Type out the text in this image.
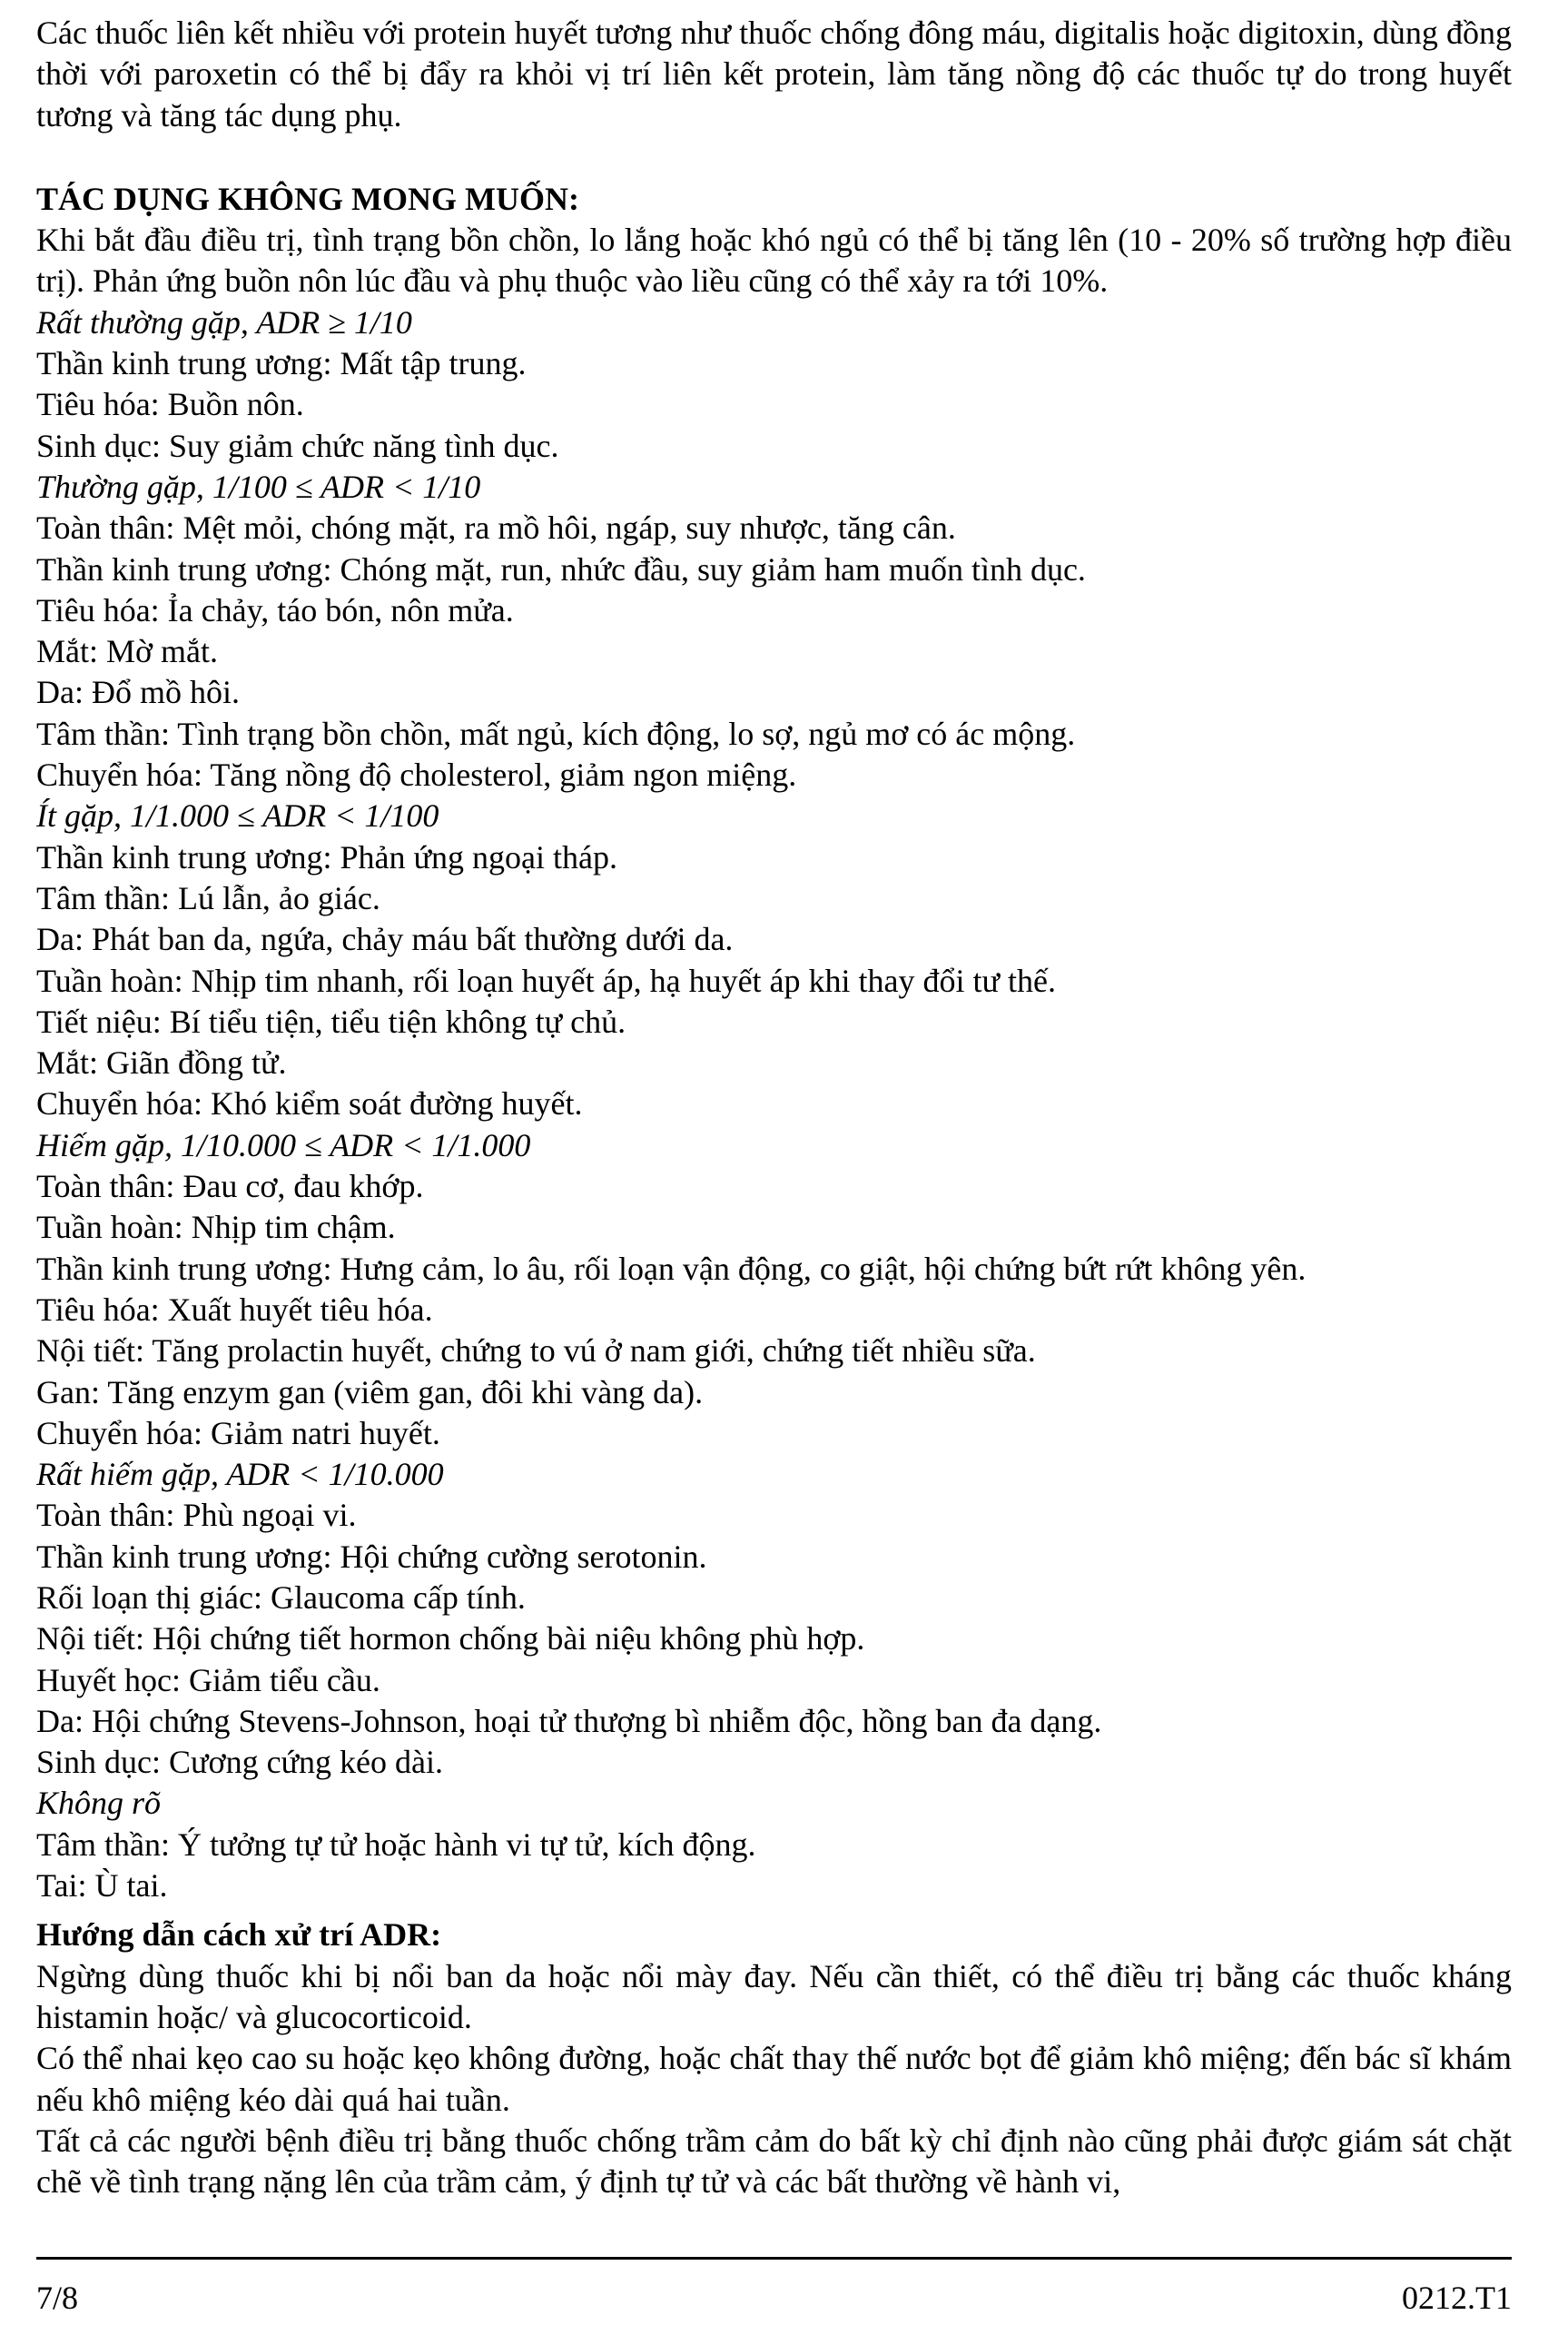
Các thuốc liên kết nhiều với protein huyết tương như thuốc chống đông máu, digitalis hoặc digitoxin, dùng đồng thời với paroxetin có thể bị đẩy ra khỏi vị trí liên kết protein, làm tăng nồng độ các thuốc tự do trong huyết tương và tăng tác dụng phụ.

TÁC DỤNG KHÔNG MONG MUỐN:

Khi bắt đầu điều trị, tình trạng bồn chồn, lo lắng hoặc khó ngủ có thể bị tăng lên (10 - 20% số trường hợp điều trị). Phản ứng buồn nôn lúc đầu và phụ thuộc vào liều cũng có thể xảy ra tới 10%.

Rất thường gặp, ADR ≥ 1/10
Thần kinh trung ương: Mất tập trung.
Tiêu hóa: Buồn nôn.
Sinh dục: Suy giảm chức năng tình dục.
Thường gặp, 1/100 ≤ ADR < 1/10
Toàn thân: Mệt mỏi, chóng mặt, ra mồ hôi, ngáp, suy nhược, tăng cân.
Thần kinh trung ương: Chóng mặt, run, nhức đầu, suy giảm ham muốn tình dục.
Tiêu hóa: Ỉa chảy, táo bón, nôn mửa.
Mắt: Mờ mắt.
Da: Đổ mồ hôi.
Tâm thần: Tình trạng bồn chồn, mất ngủ, kích động, lo sợ, ngủ mơ có ác mộng.
Chuyển hóa: Tăng nồng độ cholesterol, giảm ngon miệng.
Ít gặp, 1/1.000 ≤ ADR < 1/100
Thần kinh trung ương: Phản ứng ngoại tháp.
Tâm thần: Lú lẫn, ảo giác.
Da: Phát ban da, ngứa, chảy máu bất thường dưới da.
Tuần hoàn: Nhịp tim nhanh, rối loạn huyết áp, hạ huyết áp khi thay đổi tư thế.
Tiết niệu: Bí tiểu tiện, tiểu tiện không tự chủ.
Mắt: Giãn đồng tử.
Chuyển hóa: Khó kiểm soát đường huyết.
Hiếm gặp, 1/10.000 ≤ ADR < 1/1.000
Toàn thân: Đau cơ, đau khớp.
Tuần hoàn: Nhịp tim chậm.
Thần kinh trung ương: Hưng cảm, lo âu, rối loạn vận động, co giật, hội chứng bứt rứt không yên.
Tiêu hóa: Xuất huyết tiêu hóa.
Nội tiết: Tăng prolactin huyết, chứng to vú ở nam giới, chứng tiết nhiều sữa.
Gan: Tăng enzym gan (viêm gan, đôi khi vàng da).
Chuyển hóa: Giảm natri huyết.
Rất hiếm gặp, ADR < 1/10.000
Toàn thân: Phù ngoại vi.
Thần kinh trung ương: Hội chứng cường serotonin.
Rối loạn thị giác: Glaucoma cấp tính.
Nội tiết: Hội chứng tiết hormon chống bài niệu không phù hợp.
Huyết học: Giảm tiểu cầu.
Da: Hội chứng Stevens-Johnson, hoại tử thượng bì nhiễm độc, hồng ban đa dạng.
Sinh dục: Cương cứng kéo dài.
Không rõ
Tâm thần: Ý tưởng tự tử hoặc hành vi tự tử, kích động.
Tai: Ù tai.
Hướng dẫn cách xử trí ADR:

Ngừng dùng thuốc khi bị nổi ban da hoặc nổi mày đay. Nếu cần thiết, có thể điều trị bằng các thuốc kháng histamin hoặc/ và glucocorticoid.

Có thể nhai kẹo cao su hoặc kẹo không đường, hoặc chất thay thế nước bọt để giảm khô miệng; đến bác sĩ khám nếu khô miệng kéo dài quá hai tuần.

Tất cả các người bệnh điều trị bằng thuốc chống trầm cảm do bất kỳ chỉ định nào cũng phải được giám sát chặt chẽ về tình trạng nặng lên của trầm cảm, ý định tự tử và các bất thường về hành vi,

7/8	0212.T1
